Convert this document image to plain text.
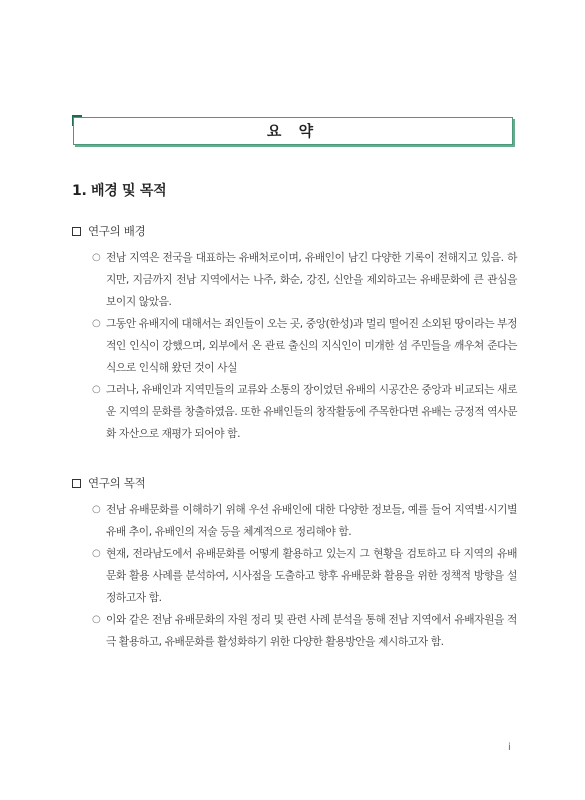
요 약
1. 배경 및 목적
연구의 배경
○ 전남 지역은 전국을 대표하는 유배처로이며, 유배인이 남긴 다양한 기록이 전해지고 있음. 하지만, 지금까지 전남 지역에서는 나주, 화순, 강진, 신안을 제외하고는 유배문화에 큰 관심을 보이지 않았음.
○ 그동안 유배지에 대해서는 죄인들이 오는 곳, 중앙(한성)과 멀리 떨어진 소외된 땅이라는 부정적인 인식이 강했으며, 외부에서 온 관료 출신의 지식인이 미개한 섬 주민들을 깨우쳐 준다는 식으로 인식해 왔던 것이 사실
○ 그러나, 유배인과 지역민들의 교류와 소통의 장이었던 유배의 시공간은 중앙과 비교되는 새로운 지역의 문화를 창출하였음. 또한 유배인들의 창작활동에 주목한다면 유배는 긍정적 역사문화 자산으로 재평가 되어야 함.
연구의 목적
○ 전남 유배문화를 이해하기 위해 우선 유배인에 대한 다양한 정보들, 예를 들어 지역별·시기별 유배 추이, 유배인의 저술 등을 체계적으로 정리해야 함.
○ 현재, 전라남도에서 유배문화를 어떻게 활용하고 있는지 그 현황을 검토하고 타 지역의 유배문화 활용 사례를 분석하여, 시사점을 도출하고 향후 유배문화 활용을 위한 정책적 방향을 설정하고자 함.
○ 이와 같은 전남 유배문화의 자원 정리 및 관련 사례 분석을 통해 전남 지역에서 유배자원을 적극 활용하고, 유배문화를 활성화하기 위한 다양한 활용방안을 제시하고자 함.
i
